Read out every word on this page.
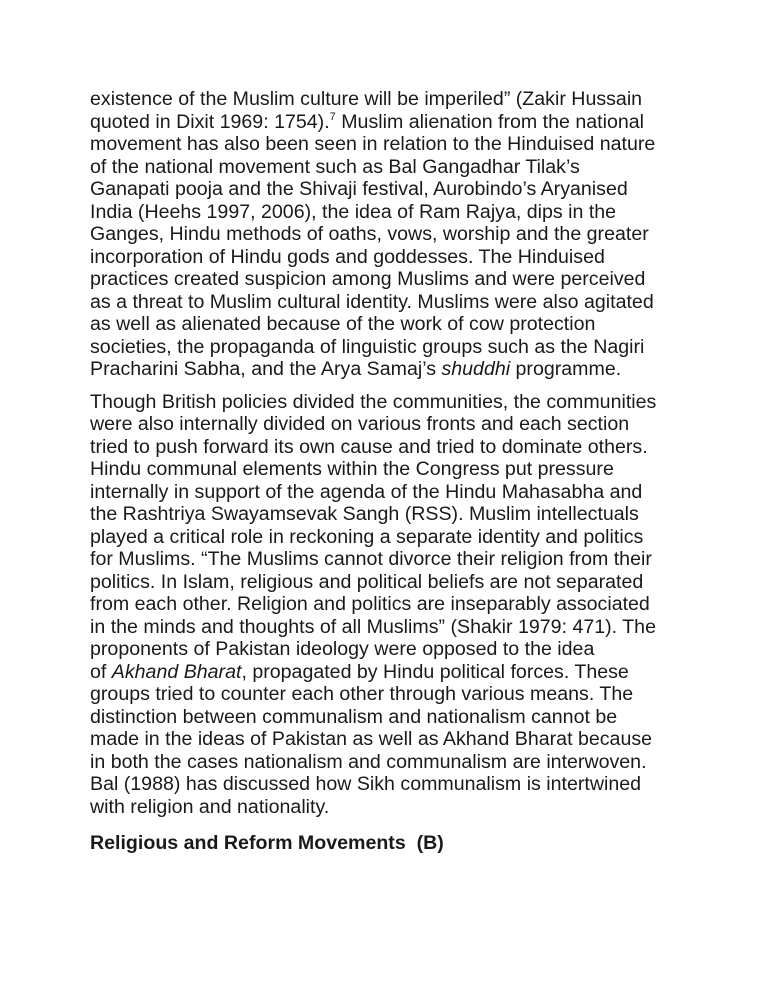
existence of the Muslim culture will be imperiled” (Zakir Hussain
quoted in Dixit 1969: 1754).$^7$ Muslim alienation from the national
movement has also been seen in relation to the Hinduised nature
of the national movement such as Bal Gangadhar Tilak’s
Ganapati pooja and the Shivaji festival, Aurobindo’s Aryanised
India (Heehs 1997, 2006), the idea of Ram Rajya, dips in the
Ganges, Hindu methods of oaths, vows, worship and the greater
incorporation of Hindu gods and goddesses. The Hinduised
practices created suspicion among Muslims and were perceived
as a threat to Muslim cultural identity. Muslims were also agitated
as well as alienated because of the work of cow protection
societies, the propaganda of linguistic groups such as the Nagiri
Pracharini Sabha, and the Arya Samaj’s shuddhi programme.

Though British policies divided the communities, the communities
were also internally divided on various fronts and each section
tried to push forward its own cause and tried to dominate others.
Hindu communal elements within the Congress put pressure
internally in support of the agenda of the Hindu Mahasabha and
the Rashtriya Swayamsevak Sangh (RSS). Muslim intellectuals
played a critical role in reckoning a separate identity and politics
for Muslims. “The Muslims cannot divorce their religion from their
politics. In Islam, religious and political beliefs are not separated
from each other. Religion and politics are inseparably associated
in the minds and thoughts of all Muslims” (Shakir 1979: 471). The
proponents of Pakistan ideology were opposed to the idea
of Akhand Bharat, propagated by Hindu political forces. These
groups tried to counter each other through various means. The
distinction between communalism and nationalism cannot be
made in the ideas of Pakistan as well as Akhand Bharat because
in both the cases nationalism and communalism are interwoven.
Bal (1988) has discussed how Sikh communalism is intertwined
with religion and nationality.

Religious and Reform Movements  (B)
